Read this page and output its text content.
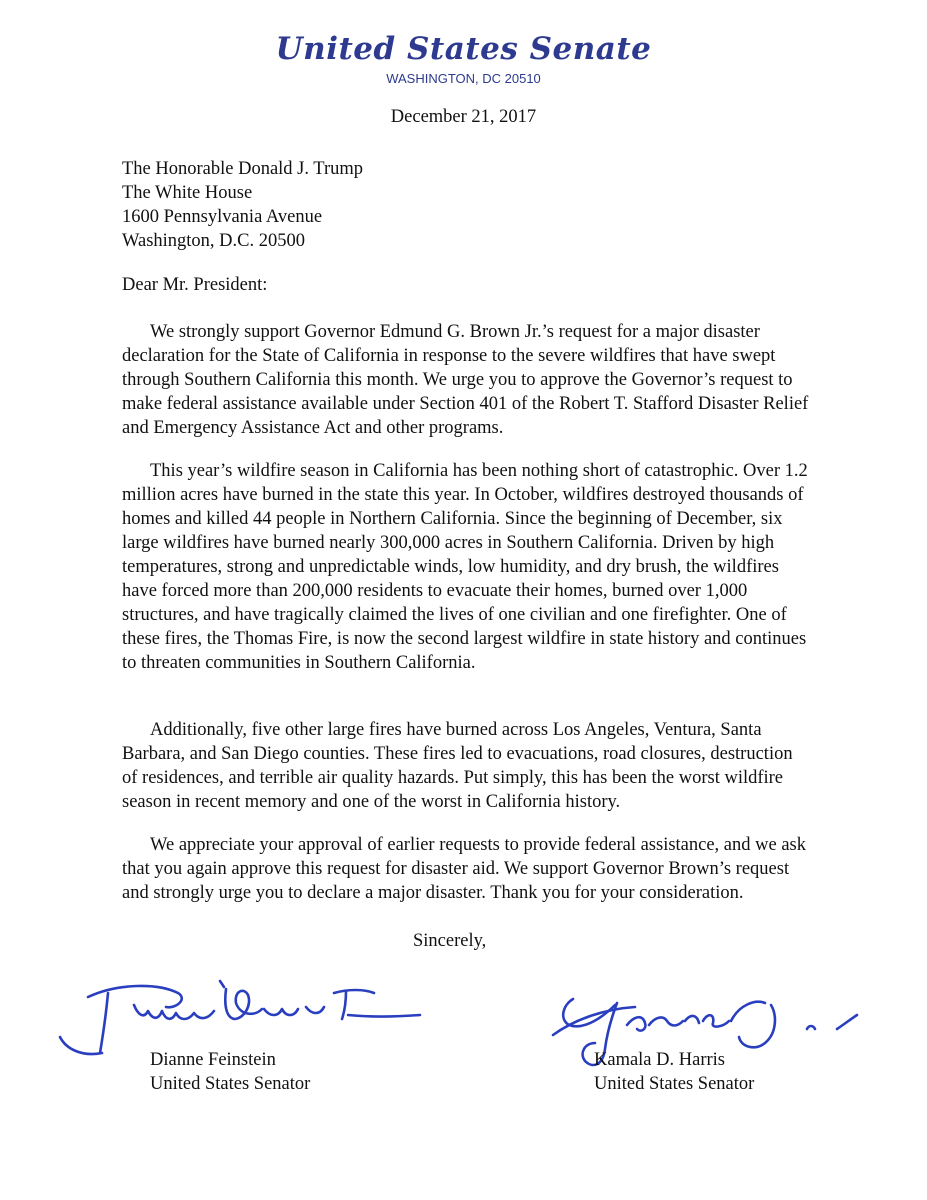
United States Senate
WASHINGTON, DC 20510
December 21, 2017
The Honorable Donald J. Trump
The White House
1600 Pennsylvania Avenue
Washington, D.C. 20500
Dear Mr. President:
We strongly support Governor Edmund G. Brown Jr.’s request for a major disaster declaration for the State of California in response to the severe wildfires that have swept through Southern California this month. We urge you to approve the Governor’s request to make federal assistance available under Section 401 of the Robert T. Stafford Disaster Relief and Emergency Assistance Act and other programs.
This year’s wildfire season in California has been nothing short of catastrophic. Over 1.2 million acres have burned in the state this year. In October, wildfires destroyed thousands of homes and killed 44 people in Northern California. Since the beginning of December, six large wildfires have burned nearly 300,000 acres in Southern California. Driven by high temperatures, strong and unpredictable winds, low humidity, and dry brush, the wildfires have forced more than 200,000 residents to evacuate their homes, burned over 1,000 structures, and have tragically claimed the lives of one civilian and one firefighter. One of these fires, the Thomas Fire, is now the second largest wildfire in state history and continues to threaten communities in Southern California.
Additionally, five other large fires have burned across Los Angeles, Ventura, Santa Barbara, and San Diego counties. These fires led to evacuations, road closures, destruction of residences, and terrible air quality hazards. Put simply, this has been the worst wildfire season in recent memory and one of the worst in California history.
We appreciate your approval of earlier requests to provide federal assistance, and we ask that you again approve this request for disaster aid. We support Governor Brown’s request and strongly urge you to declare a major disaster. Thank you for your consideration.
Sincerely,
Dianne Feinstein
United States Senator
Kamala D. Harris
United States Senator
